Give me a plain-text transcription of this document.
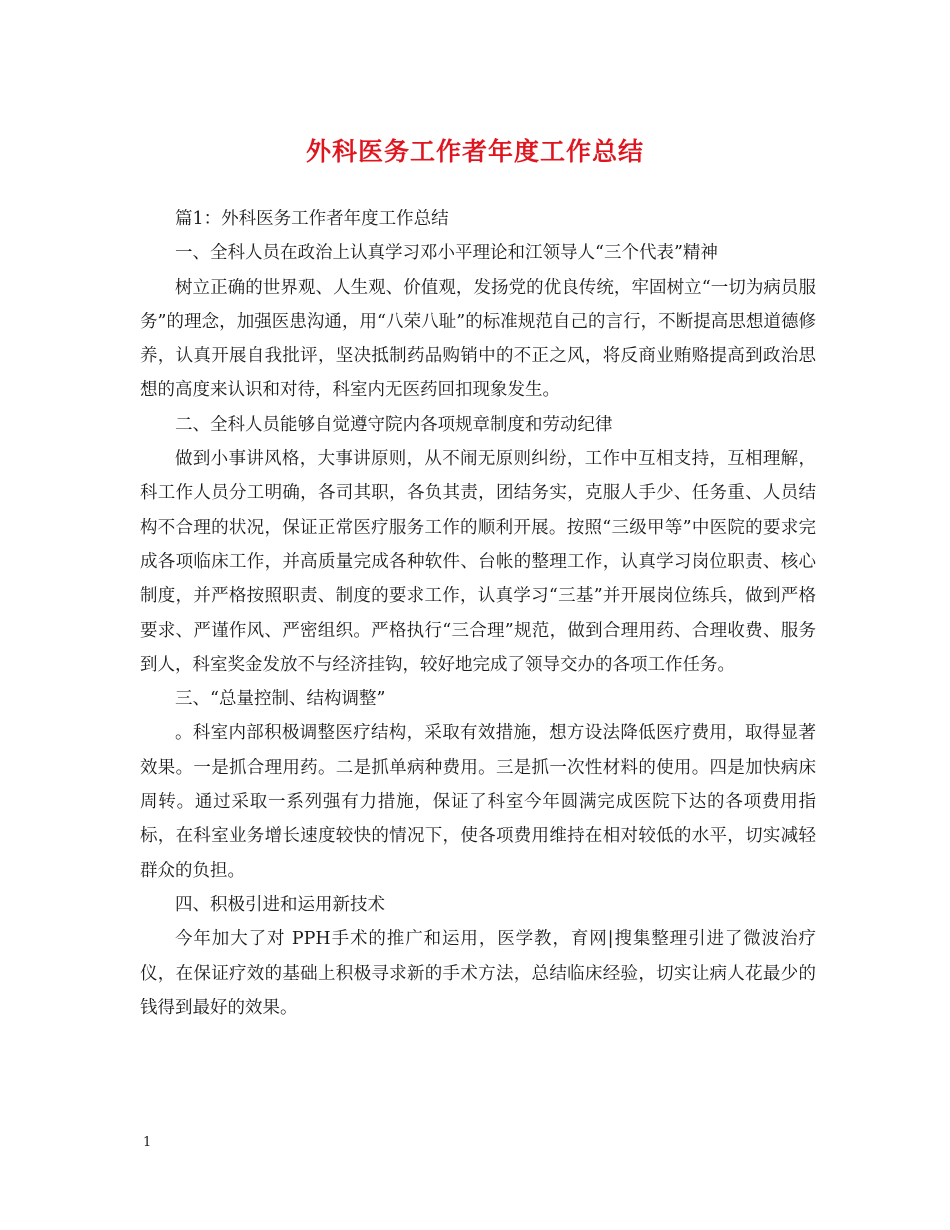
外科医务工作者年度工作总结

篇1：外科医务工作者年度工作总结

一、全科人员在政治上认真学习邓小平理论和江领导人“三个代表”精神

树立正确的世界观、人生观、价值观，发扬党的优良传统，牢固树立“一切为病员服务”的理念，加强医患沟通，用“八荣八耻”的标准规范自己的言行，不断提高思想道德修养，认真开展自我批评，坚决抵制药品购销中的不正之风，将反商业贿赂提高到政治思想的高度来认识和对待，科室内无医药回扣现象发生。

二、全科人员能够自觉遵守院内各项规章制度和劳动纪律

做到小事讲风格，大事讲原则，从不闹无原则纠纷，工作中互相支持，互相理解，科工作人员分工明确，各司其职，各负其责，团结务实，克服人手少、任务重、人员结构不合理的状况，保证正常医疗服务工作的顺利开展。按照“三级甲等”中医院的要求完成各项临床工作，并高质量完成各种软件、台帐的整理工作，认真学习岗位职责、核心制度，并严格按照职责、制度的要求工作，认真学习“三基”并开展岗位练兵，做到严格要求、严谨作风、严密组织。严格执行“三合理”规范，做到合理用药、合理收费、服务到人，科室奖金发放不与经济挂钩，较好地完成了领导交办的各项工作任务。

三、“总量控制、结构调整”

。科室内部积极调整医疗结构，采取有效措施，想方设法降低医疗费用，取得显著效果。一是抓合理用药。二是抓单病种费用。三是抓一次性材料的使用。四是加快病床周转。通过采取一系列强有力措施，保证了科室今年圆满完成医院下达的各项费用指标，在科室业务增长速度较快的情况下，使各项费用维持在相对较低的水平，切实减轻群众的负担。

四、积极引进和运用新技术

今年加大了对 PPH手术的推广和运用，医学教，育网|搜集整理引进了微波治疗仪，在保证疗效的基础上积极寻求新的手术方法，总结临床经验，切实让病人花最少的钱得到最好的效果。

1
